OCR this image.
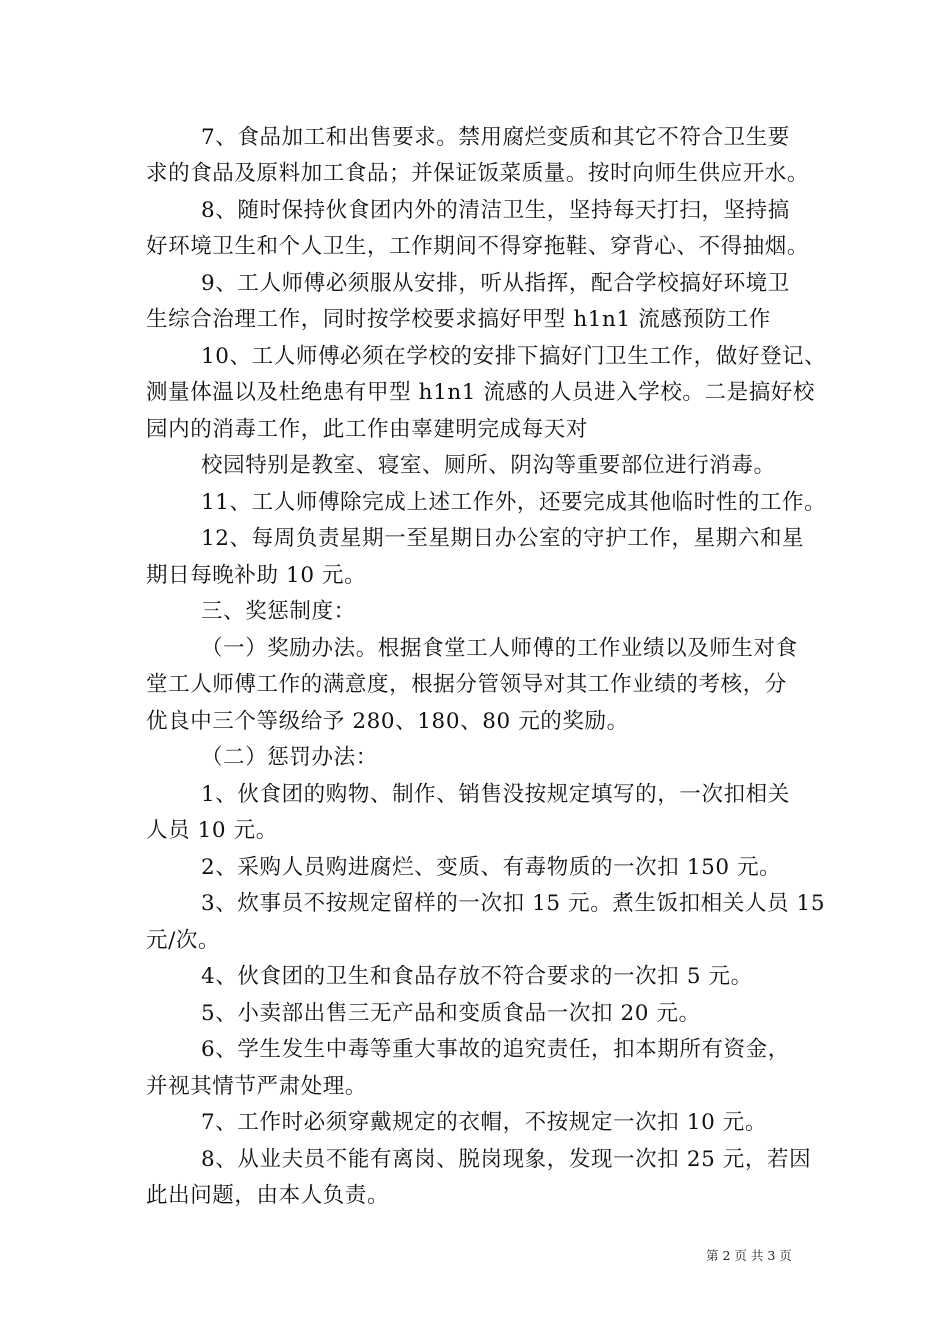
7、食品加工和出售要求。禁用腐烂变质和其它不符合卫生要
求的食品及原料加工食品；并保证饭菜质量。按时向师生供应开水。
8、随时保持伙食团内外的清洁卫生，坚持每天打扫，坚持搞
好环境卫生和个人卫生，工作期间不得穿拖鞋、穿背心、不得抽烟。
9、工人师傅必须服从安排，听从指挥，配合学校搞好环境卫
生综合治理工作，同时按学校要求搞好甲型 h1n1 流感预防工作
10、工人师傅必须在学校的安排下搞好门卫生工作，做好登记、
测量体温以及杜绝患有甲型 h1n1 流感的人员进入学校。二是搞好校
园内的消毒工作，此工作由辜建明完成每天对
校园特别是教室、寝室、厕所、阴沟等重要部位进行消毒。
11、工人师傅除完成上述工作外，还要完成其他临时性的工作。
12、每周负责星期一至星期日办公室的守护工作，星期六和星
期日每晚补助 10 元。
三、奖惩制度：
（一）奖励办法。根据食堂工人师傅的工作业绩以及师生对食
堂工人师傅工作的满意度，根据分管领导对其工作业绩的考核，分
优良中三个等级给予 280、180、80 元的奖励。
（二）惩罚办法：
1、伙食团的购物、制作、销售没按规定填写的，一次扣相关
人员 10 元。
2、采购人员购进腐烂、变质、有毒物质的一次扣 150 元。
3、炊事员不按规定留样的一次扣 15 元。煮生饭扣相关人员 15
元/次。
4、伙食团的卫生和食品存放不符合要求的一次扣 5 元。
5、小卖部出售三无产品和变质食品一次扣 20 元。
6、学生发生中毒等重大事故的追究责任，扣本期所有资金，
并视其情节严肃处理。
7、工作时必须穿戴规定的衣帽，不按规定一次扣 10 元。
8、从业夫员不能有离岗、脱岗现象，发现一次扣 25 元，若因
此出问题，由本人负责。
第 2 页 共 3 页
